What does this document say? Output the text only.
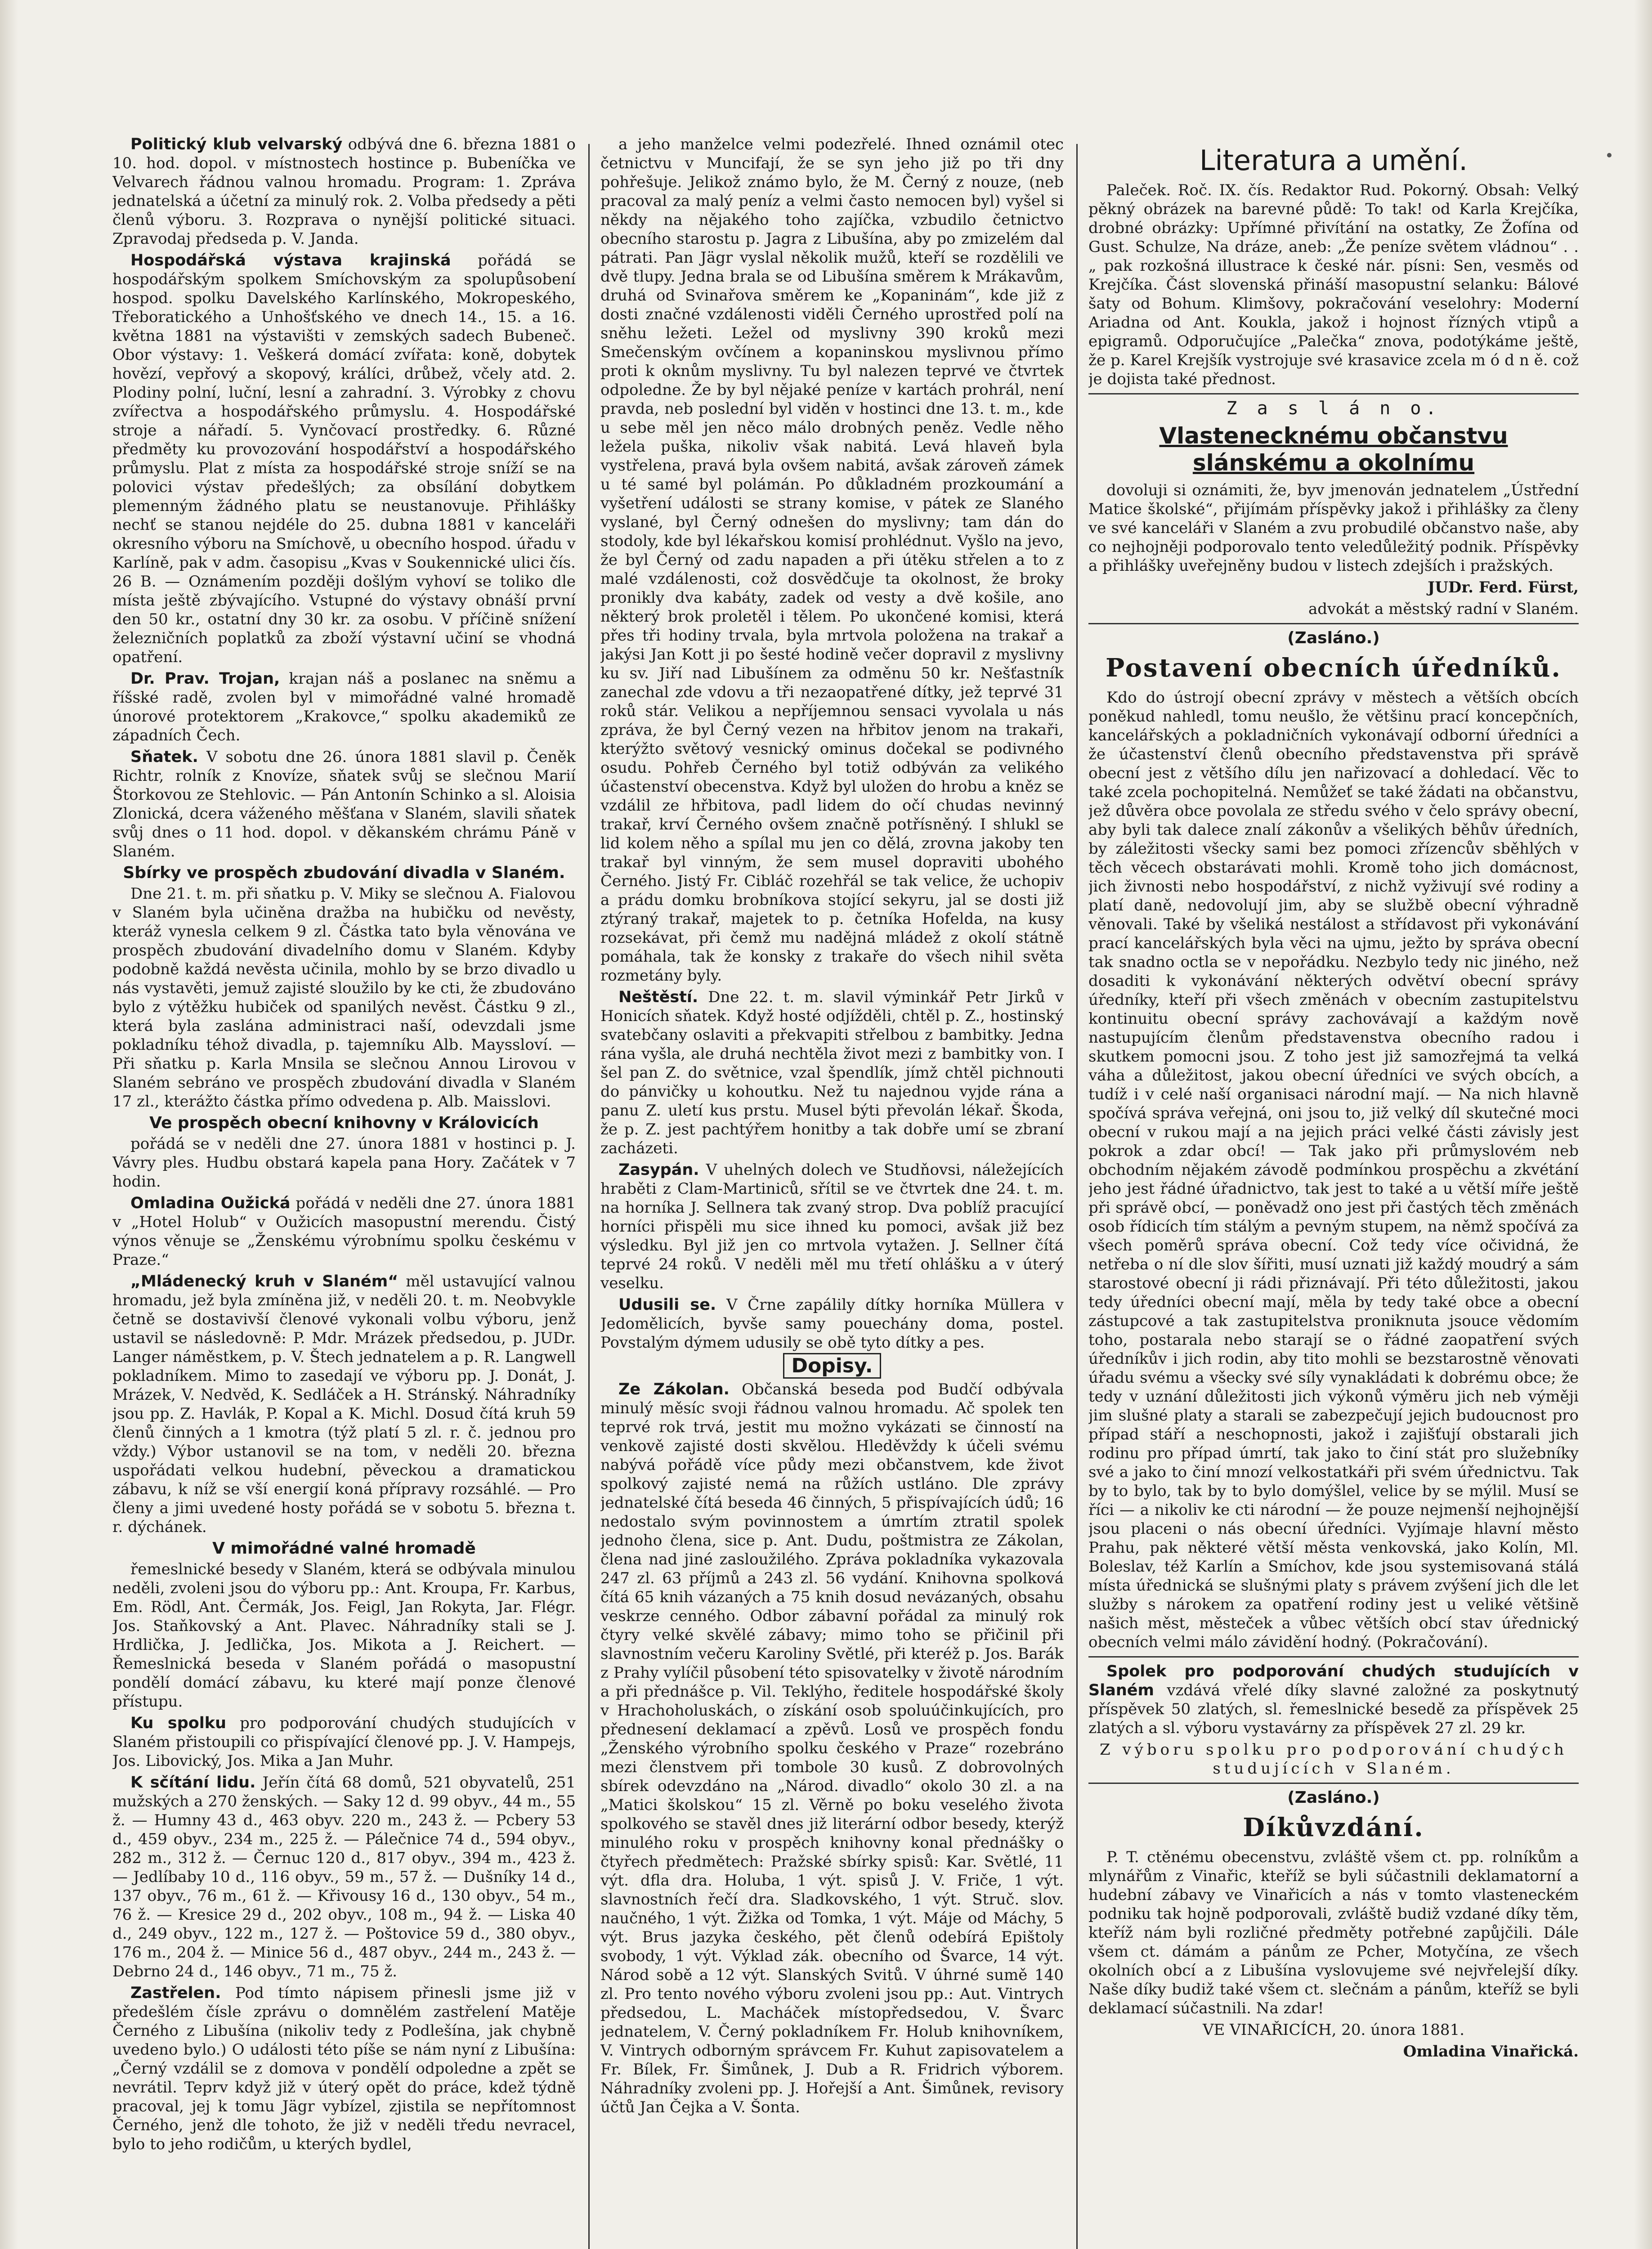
Politický klub velvarský odbývá dne 6. března 1881 o 10. hod. dopol. v místnostech hostince p. Bubeníčka ve Velvarech řádnou valnou hromadu. Program: 1. Zpráva jednatelská a účetní za minulý rok. 2. Volba předsedy a pěti členů výboru. 3. Rozprava o nynější politické situaci. Zpravodaj předseda p. V. Janda.

Hospodářská výstava krajinská pořádá se hospodářským spolkem Smíchovským za spolupůsobení hospod. spolku Davelského Karlínského, Mokropeského, Třeboratického a Unhošťského ve dnech 14., 15. a 16. května 1881 na výstavišti v zemských sadech Bubeneč. Obor výstavy: 1. Veškerá domácí zvířata: koně, dobytek hovězí, vepřový a skopový, králíci, drůbež, včely atd. 2. Plodiny polní, luční, lesní a zahradní. 3. Výrobky z chovu zvířectva a hospodářského průmyslu. 4. Hospodářské stroje a nářadí. 5. Vynčovací prostředky. 6. Různé předměty ku provozování hospodářství a hospodářského průmyslu. Plat z místa za hospodářské stroje sníží se na polovici výstav předešlých; za obsílání dobytkem plemenným žádného platu se neustanovuje. Přihlášky nechť se stanou nejdéle do 25. dubna 1881 v kanceláři okresního výboru na Smíchově, u obecního hospod. úřadu v Karlíně, pak v adm. časopisu „Kvas v Soukennické ulici čís. 26 B. — Oznámením později došlým vyhoví se toliko dle místa ještě zbývajícího. Vstupné do výstavy obnáší první den 50 kr., ostatní dny 30 kr. za osobu. V příčině snížení železničních poplatků za zboží výstavní učiní se vhodná opatření.

Dr. Prav. Trojan, krajan náš a poslanec na sněmu a říšské radě, zvolen byl v mimořádné valné hromadě únorové protektorem „Krakovce,“ spolku akademiků ze západních Čech.

Sňatek. V sobotu dne 26. února 1881 slavil p. Čeněk Richtr, rolník z Knovíze, sňatek svůj se slečnou Marií Štorkovou ze Stehlovic. — Pán Antonín Schinko a sl. Aloisia Zlonická, dcera váženého měšťana v Slaném, slavili sňatek svůj dnes o 11 hod. dopol. v děkanském chrámu Páně v Slaném.

Sbírky ve prospěch zbudování divadla v Slaném.

Dne 21. t. m. při sňatku p. V. Miky se slečnou A. Fialovou v Slaném byla učiněna dražba na hubičku od nevěsty, kteráž vynesla celkem 9 zl. Částka tato byla věnována ve prospěch zbudování divadelního domu v Slaném. Kdyby podobně každá nevěsta učinila, mohlo by se brzo divadlo u nás vystavěti, jemuž zajisté sloužilo by ke cti, že zbudováno bylo z výtěžku hubiček od spanilých nevěst. Částku 9 zl., která byla zaslána administraci naší, odevzdali jsme pokladníku téhož divadla, p. tajemníku Alb. Mayssloví. — Při sňatku p. Karla Mnsila se slečnou Annou Lirovou v Slaném sebráno ve prospěch zbudování divadla v Slaném 17 zl., kterážto částka přímo odvedena p. Alb. Maisslovi.

Ve prospěch obecní knihovny v Královicích

pořádá se v neděli dne 27. února 1881 v hostinci p. J. Vávry ples. Hudbu obstará kapela pana Hory. Začátek v 7 hodin.

Omladina Oužická pořádá v neděli dne 27. února 1881 v „Hotel Holub“ v Oužicích masopustní merendu. Čistý výnos věnuje se „Ženskému výrobnímu spolku českému v Praze.“

„Mládenecký kruh v Slaném“ měl ustavující valnou hromadu, jež byla zmíněna již, v neděli 20. t. m. Neobvykle četně se dostavivší členové vykonali volbu výboru, jenž ustavil se následovně: P. Mdr. Mrázek předsedou, p. JUDr. Langer náměstkem, p. V. Štech jednatelem a p. R. Langwell pokladníkem. Mimo to zasedají ve výboru pp. J. Donát, J. Mrázek, V. Nedvěd, K. Sedláček a H. Stránský. Náhradníky jsou pp. Z. Havlák, P. Kopal a K. Michl. Dosud čítá kruh 59 členů činných a 1 kmotra (týž platí 5 zl. r. č. jednou pro vždy.) Výbor ustanovil se na tom, v neděli 20. března uspořádati velkou hudební, pěveckou a dramatickou zábavu, k níž se vší energií koná přípravy rozsáhlé. — Pro členy a jimi uvedené hosty pořádá se v sobotu 5. března t. r. dýchánek.

V mimořádné valné hromadě

řemeslnické besedy v Slaném, která se odbývala minulou neděli, zvoleni jsou do výboru pp.: Ant. Kroupa, Fr. Karbus, Em. Rödl, Ant. Čermák, Jos. Feigl, Jan Rokyta, Jar. Flégr. Jos. Staňkovský a Ant. Plavec. Náhradníky stali se J. Hrdlička, J. Jedlička, Jos. Mikota a J. Reichert. — Řemeslnická beseda v Slaném pořádá o masopustní pondělí domácí zábavu, ku které mají ponze členové přístupu.

Ku spolku pro podporování chudých studujících v Slaném přistoupili co přispívající členové pp. J. V. Hampejs, Jos. Libovický, Jos. Mika a Jan Muhr.

K sčítání lidu. Jeřín čítá 68 domů, 521 obyvatelů, 251 mužských a 270 ženských. — Saky 12 d. 99 obyv., 44 m., 55 ž. — Humny 43 d., 463 obyv. 220 m., 243 ž. — Pcbery 53 d., 459 obyv., 234 m., 225 ž. — Pálečnice 74 d., 594 obyv., 282 m., 312 ž. — Černuc 120 d., 817 obyv., 394 m., 423 ž. — Jedlíbaby 10 d., 116 obyv., 59 m., 57 ž. — Dušníky 14 d., 137 obyv., 76 m., 61 ž. — Křivousy 16 d., 130 obyv., 54 m., 76 ž. — Kresice 29 d., 202 obyv., 108 m., 94 ž. — Liska 40 d., 249 obyv., 122 m., 127 ž. — Poštovice 59 d., 380 obyv., 176 m., 204 ž. — Minice 56 d., 487 obyv., 244 m., 243 ž. — Debrno 24 d., 146 obyv., 71 m., 75 ž.

Zastřelen. Pod tímto nápisem přinesli jsme již v předešlém čísle zprávu o domnělém zastřelení Matěje Černého z Libušína (nikoliv tedy z Podlešína, jak chybně uvedeno bylo.) O události této píše se nám nyní z Libušína: „Černý vzdálil se z domova v pondělí odpoledne a zpět se nevrátil. Teprv když již v úterý opět do práce, kdež týdně pracoval, jej k tomu Jägr vybízel, zjistila se nepřítomnost Černého, jenž dle tohoto, že již v neděli tředu nevracel, bylo to jeho rodičům, u kterých bydlel,

a jeho manželce velmi podezřelé. Ihned oznámil otec četnictvu v Muncifají, že se syn jeho již po tři dny pohřešuje. Jelikož známo bylo, že M. Černý z nouze, (neb pracoval za malý peníz a velmi často nemocen byl) vyšel si někdy na nějakého toho zajíčka, vzbudilo četnictvo obecního starostu p. Jagra z Libušína, aby po zmizelém dal pátrati. Pan Jägr vyslal několik mužů, kteří se rozdělili ve dvě tlupy. Jedna brala se od Libušína směrem k Mrákavům, druhá od Svinařova směrem ke „Kopaninám“, kde již z dosti značné vzdálenosti viděli Černého uprostřed polí na sněhu ležeti. Ležel od myslivny 390 kroků mezi Smečenským ovčínem a kopaninskou myslivnou přímo proti k oknům myslivny. Tu byl nalezen teprvé ve čtvrtek odpoledne. Že by byl nějaké peníze v kartách prohrál, není pravda, neb poslední byl viděn v hostinci dne 13. t. m., kde u sebe měl jen něco málo drobných peněz. Vedle něho ležela puška, nikoliv však nabitá. Levá hlaveň byla vystřelena, pravá byla ovšem nabitá, avšak zároveň zámek u té samé byl polámán. Po důkladném prozkoumání a vyšetření události se strany komise, v pátek ze Slaného vyslané, byl Černý odnešen do myslivny; tam dán do stodoly, kde byl lékařskou komisí prohlédnut. Vyšlo na jevo, že byl Černý od zadu napaden a při útěku střelen a to z malé vzdálenosti, což dosvědčuje ta okolnost, že broky pronikly dva kabáty, zadek od vesty a dvě košile, ano některý brok proletěl i tělem. Po ukončené komisi, která přes tři hodiny trvala, byla mrtvola položena na trakař a jakýsi Jan Kott ji po šesté hodině večer dopravil z myslivny ku sv. Jiří nad Libušínem za odměnu 50 kr. Nešťastník zanechal zde vdovu a tři nezaopatřené dítky, jež teprvé 31 roků stár. Velikou a nepříjemnou sensaci vyvolala u nás zpráva, že byl Černý vezen na hřbitov jenom na trakaři, kterýžto světový vesnický ominus dočekal se podivného osudu. Pohřeb Černého byl totiž odbýván za velikého účastenství obecenstva. Když byl uložen do hrobu a kněz se vzdálil ze hřbitova, padl lidem do očí chudas nevinný trakař, krví Černého ovšem značně potřísněný. I shlukl se lid kolem něho a spílal mu jen co dělá, zrovna jakoby ten trakař byl vinným, že sem musel dopraviti ubohého Černého. Jistý Fr. Cibláč rozehřál se tak velice, že uchopiv a prádu domku brobníkova stojící sekyru, jal se dosti již ztýraný trakař, majetek to p. četníka Hofelda, na kusy rozsekávat, při čemž mu nadějná mládež z okolí státně pomáhala, tak že konsky z trakaře do všech nihil světa rozmetány byly.

Neštěstí. Dne 22. t. m. slavil výminkář Petr Jirků v Honicích sňatek. Když hosté odjížděli, chtěl p. Z., hostinský svatebčany oslaviti a překvapiti střelbou z bambitky. Jedna rána vyšla, ale druhá nechtěla život mezi z bambitky von. I šel pan Z. do světnice, vzal špendlík, jímž chtěl pichnouti do pánvičky u kohoutku. Než tu najednou vyjde rána a panu Z. uletí kus prstu. Musel býti převolán lékař. Škoda, že p. Z. jest pachtýřem honitby a tak dobře umí se zbraní zacházeti.

Zasypán. V uhelných dolech ve Studňovsi, náležejících hraběti z Clam-Martiniců, sřítil se ve čtvrtek dne 24. t. m. na horníka J. Sellnera tak zvaný strop. Dva poblíž pracující horníci přispěli mu sice ihned ku pomoci, avšak již bez výsledku. Byl již jen co mrtvola vytažen. J. Sellner čítá teprvé 24 roků. V neděli měl mu třetí ohlášku a v úterý veselku.

Udusili se. V Črne zapálily dítky horníka Müllera v Jedomělicích, byvše samy pouechány doma, postel. Povstalým dýmem udusily se obě tyto dítky a pes.

Dopisy.

Ze Zákolan. Občanská beseda pod Budčí odbývala minulý měsíc svoji řádnou valnou hromadu. Ač spolek ten teprvé rok trvá, jestit mu možno vykázati se činností na venkově zajisté dosti skvělou. Hleděvždy k účeli svému nabývá pořádě více půdy mezi občanstvem, kde život spolkový zajisté nemá na růžích ustláno. Dle zprávy jednatelské čítá beseda 46 činných, 5 přispívajících údů; 16 nedostalo svým povinnostem a úmrtím ztratil spolek jednoho člena, sice p. Ant. Dudu, poštmistra ze Zákolan, člena nad jiné zasloužilého. Zpráva pokladníka vykazovala 247 zl. 63 příjmů a 243 zl. 56 vydání. Knihovna spolková čítá 65 knih vázaných a 75 knih dosud nevázaných, obsahu veskrze cenného. Odbor zábavní pořádal za minulý rok čtyry velké skvělé zábavy; mimo toho se přičinil při slavnostním večeru Karoliny Světlé, při kteréž p. Jos. Barák z Prahy vylíčil působení této spisovatelky v životě národním a při přednášce p. Vil. Teklýho, ředitele hospodářské školy v Hrachoholuskách, o získání osob spoluúčinkujících, pro přednesení deklamací a zpěvů. Losů ve prospěch fondu „Ženského výrobního spolku českého v Praze“ rozebráno mezi členstvem při tombole 30 kusů. Z dobrovolných sbírek odevzdáno na „Národ. divadlo“ okolo 30 zl. a na „Matici školskou“ 15 zl. Věrně po boku veselého života spolkového se stavěl dnes již literární odbor besedy, kterýž minulého roku v prospěch knihovny konal přednášky o čtyřech předmětech: Pražské sbírky spisů: Kar. Světlé, 11 výt. dfla dra. Holuba, 1 výt. spisů J. V. Friče, 1 výt. slavnostních řečí dra. Sladkovského, 1 výt. Struč. slov. naučného, 1 výt. Žižka od Tomka, 1 výt. Máje od Máchy, 5 výt. Brus jazyka českého, pět členů odebírá Epištoly svobody, 1 výt. Výklad zák. obecního od Švarce, 14 výt. Národ sobě a 12 výt. Slanských Svitů. V úhrné sumě 140 zl. Pro tento nového výboru zvoleni jsou pp.: Aut. Vintrych předsedou, L. Macháček místopředsedou, V. Švarc jednatelem, V. Černý pokladníkem Fr. Holub knihovníkem, V. Vintrych odborným správcem Fr. Kuhut zapisovatelem a Fr. Bílek, Fr. Šimůnek, J. Dub a R. Fridrich výborem. Náhradníky zvoleni pp. J. Hořejší a Ant. Šimůnek, revisory účtů Jan Čejka a V. Šonta.

Literatura a umění.

Paleček. Roč. IX. čís. Redaktor Rud. Pokorný. Obsah: Velký pěkný obrázek na barevné půdě: To tak! od Karla Krejčíka, drobné obrázky: Upřímné přivítání na ostatky, Ze Žofína od Gust. Schulze, Na dráze, aneb: „Že peníze světem vládnou“ . . „ pak rozkošná illustrace k české nár. písni: Sen, vesměs od Krejčíka. Část slovenská přináší masopustní selanku: Bálové šaty od Bohum. Klimšovy, pokračování veselohry: Moderní Ariadna od Ant. Koukla, jakož i hojnost řízných vtipů a epigramů. Odporučujíce „Palečka“ znova, podotýkáme ještě, že p. Karel Krejšík vystrojuje své krasavice zcela m ó d n ě. což je dojista také přednost.

Z a s l á n o.
Vlastenecknému občanstvu slánskému a okolnímu

dovoluji si oznámiti, že, byv jmenován jednatelem „Ústřední Matice školské“, přijímám příspěvky jakož i přihlášky za členy ve své kanceláři v Slaném a zvu probudilé občanstvo naše, aby co nejhojněji podporovalo tento veledůležitý podnik. Příspěvky a přihlášky uveřejněny budou v listech zdejších i pražských.

JUDr. Ferd. Fürst,

advokát a městský radní v Slaném.

(Zasláno.)
Postavení obecních úředníků.

Kdo do ústrojí obecní zprávy v městech a větších obcích poněkud nahledl, tomu neušlo, že většinu prací koncepčních, kancelářských a pokladničních vykonávají odborní úředníci a že účastenství členů obecního představenstva při správě obecní jest z většího dílu jen nařizovací a dohledací. Věc to také zcela pochopitelná. Nemůžeť se také žádati na občanstvu, jež důvěra obce povolala ze středu svého v čelo správy obecní, aby byli tak dalece znalí zákonův a všelikých běhův úředních, by záležitosti všecky sami bez pomoci zřízencův sběhlých v těch věcech obstarávati mohli. Kromě toho jich domácnost, jich živnosti nebo hospodářství, z nichž vyživují své rodiny a platí daně, nedovolují jim, aby se službě obecní výhradně věnovali. Také by všeliká nestálost a střídavost při vykonávání prací kancelářských byla věci na ujmu, ježto by správa obecní tak snadno octla se v nepořádku. Nezbylo tedy nic jiného, než dosaditi k vykonávání některých odvětví obecní správy úředníky, kteří při všech změnách v obecním zastupitelstvu kontinuitu obecní správy zachovávají a každým nově nastupujícím členům představenstva obecního radou i skutkem pomocni jsou. Z toho jest již samozřejmá ta velká váha a důležitost, jakou obecní úředníci ve svých obcích, a tudíž i v celé naší organisaci národní mají. — Na nich hlavně spočívá správa veřejná, oni jsou to, již velký díl skutečné moci obecní v rukou mají a na jejich práci velké části závisly jest pokrok a zdar obcí! — Tak jako při průmyslovém neb obchodním nějakém závodě podmínkou prospěchu a zkvétání jeho jest řádné úřadnictvo, tak jest to také a u větší míře ještě při správě obcí, — poněvadž ono jest při častých těch změnách osob řídicích tím stálým a pevným stupem, na němž spočívá za všech poměrů správa obecní. Což tedy více očividná, že netřeba o ní dle slov šířiti, musí uznati již každý moudrý a sám starostové obecní ji rádi přiznávají. Při této důležitosti, jakou tedy úředníci obecní mají, měla by tedy také obce a obecní zástupcové a tak zastupitelstva proniknuta jsouce vědomím toho, postarala nebo starají se o řádné zaopatření svých úředníkův i jich rodin, aby tito mohli se bezstarostně věnovati úřadu svému a všecky své síly vynakládati k dobrému obce; že tedy v uznání důležitosti jich výkonů výměru jich neb výměji jim slušné platy a starali se zabezpečují jejich budoucnost pro případ stáří a neschopnosti, jakož i zajišťují obstarali jich rodinu pro případ úmrtí, tak jako to činí stát pro služebníky své a jako to činí mnozí velkostatkáři při svém úřednictvu. Tak by to bylo, tak by to bylo domýšlel, velice by se mýlil. Musí se říci — a nikoliv ke cti národní — že pouze nejmenší nejhojnější jsou placeni o nás obecní úředníci. Vyjímaje hlavní město Prahu, pak některé větší města venkovská, jako Kolín, Ml. Boleslav, též Karlín a Smíchov, kde jsou systemisovaná stálá místa úřednická se slušnými platy s právem zvýšení jich dle let služby s nárokem za opatření rodiny jest u veliké většině našich měst, městeček a vůbec větších obcí stav úřednický obecních velmi málo závidění hodný. (Pokračování).

Spolek pro podporování chudých studujících v Slaném vzdává vřelé díky slavné založné za poskytnutý příspěvek 50 zlatých, sl. řemeslnické besedě za příspěvek 25 zlatých a sl. výboru vystavárny za příspěvek 27 zl. 29 kr.

Z výboru spolku pro podporování chudých studujících v Slaném.

(Zasláno.)
Díkůvzdání.

P. T. ctěnému obecenstvu, zvláště všem ct. pp. rolníkům a mlynářům z Vinařic, kteříž se byli súčastnili deklamatorní a hudební zábavy ve Vinařicích a nás v tomto vlasteneckém podniku tak hojně podporovali, zvláště budiž vzdané díky těm, kteříž nám byli rozličné předměty potřebné zapůjčili. Dále všem ct. dámám a pánům ze Pcher, Motyčína, ze všech okolních obcí a z Libušína vyslovujeme své nejvřelejší díky. Naše díky budiž také všem ct. slečnám a pánům, kteříž se byli deklamací súčastnili. Na zdar!

VE VINAŘICÍCH, 20. února 1881.

Omladina Vinařická.
